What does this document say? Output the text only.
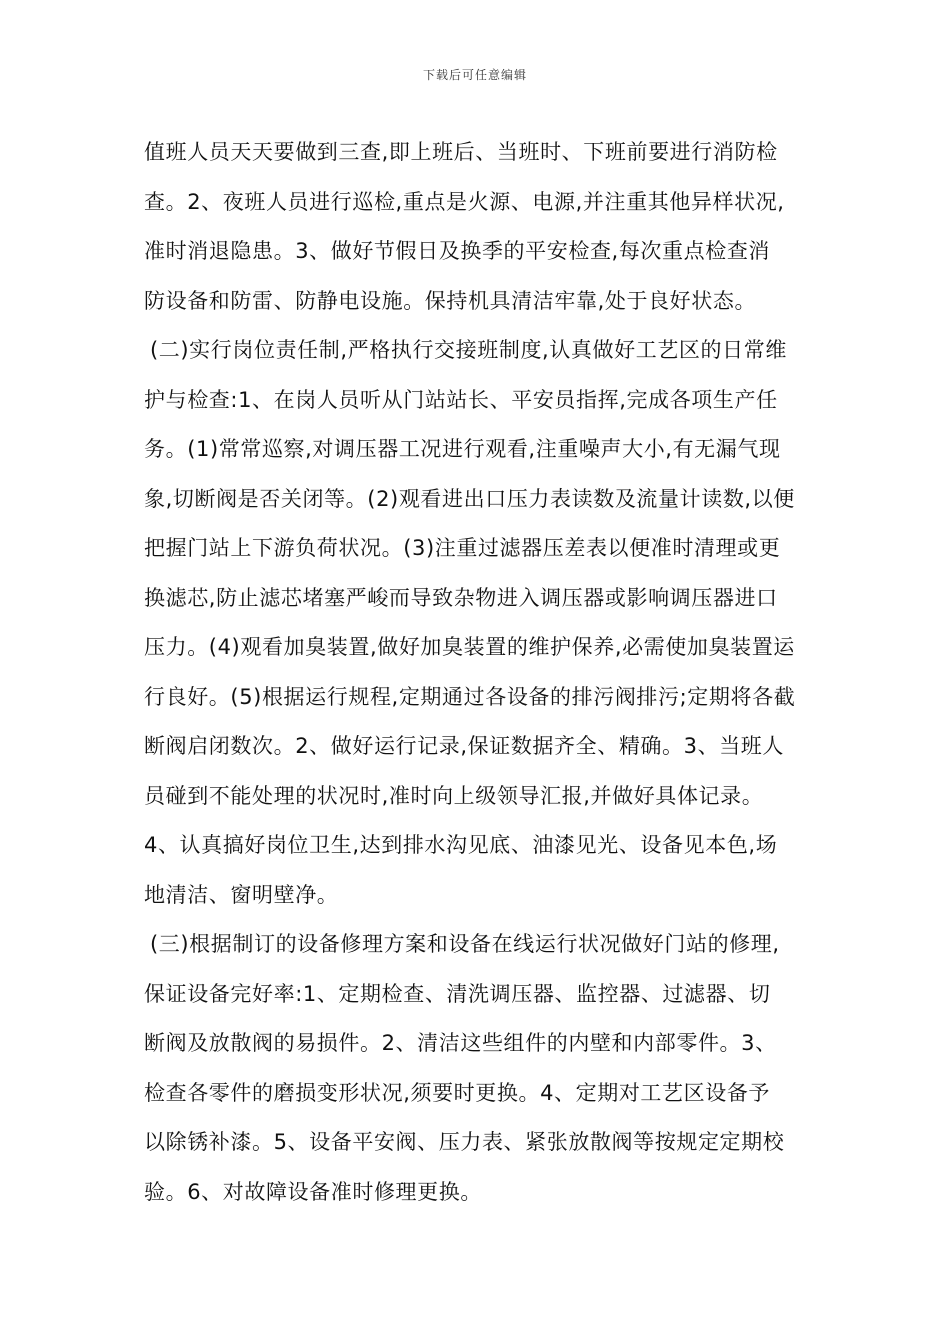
下载后可任意编辑
值班人员天天要做到三查,即上班后、当班时、下班前要进行消防检
查。2、夜班人员进行巡检,重点是火源、电源,并注重其他异样状况,
准时消退隐患。3、做好节假日及换季的平安检查,每次重点检查消
防设备和防雷、防静电设施。保持机具清洁牢靠,处于良好状态。
(二)实行岗位责任制,严格执行交接班制度,认真做好工艺区的日常维
护与检查:1、在岗人员听从门站站长、平安员指挥,完成各项生产任
务。(1)常常巡察,对调压器工况进行观看,注重噪声大小,有无漏气现
象,切断阀是否关闭等。(2)观看进出口压力表读数及流量计读数,以便
把握门站上下游负荷状况。(3)注重过滤器压差表以便准时清理或更
换滤芯,防止滤芯堵塞严峻而导致杂物进入调压器或影响调压器进口
压力。(4)观看加臭装置,做好加臭装置的维护保养,必需使加臭装置运
行良好。(5)根据运行规程,定期通过各设备的排污阀排污;定期将各截
断阀启闭数次。2、做好运行记录,保证数据齐全、精确。3、当班人
员碰到不能处理的状况时,准时向上级领导汇报,并做好具体记录。
4、认真搞好岗位卫生,达到排水沟见底、油漆见光、设备见本色,场
地清洁、窗明壁净。
(三)根据制订的设备修理方案和设备在线运行状况做好门站的修理,
保证设备完好率:1、定期检查、清洗调压器、监控器、过滤器、切
断阀及放散阀的易损件。2、清洁这些组件的内壁和内部零件。3、
检查各零件的磨损变形状况,须要时更换。4、定期对工艺区设备予
以除锈补漆。5、设备平安阀、压力表、紧张放散阀等按规定定期校
验。6、对故障设备准时修理更换。
